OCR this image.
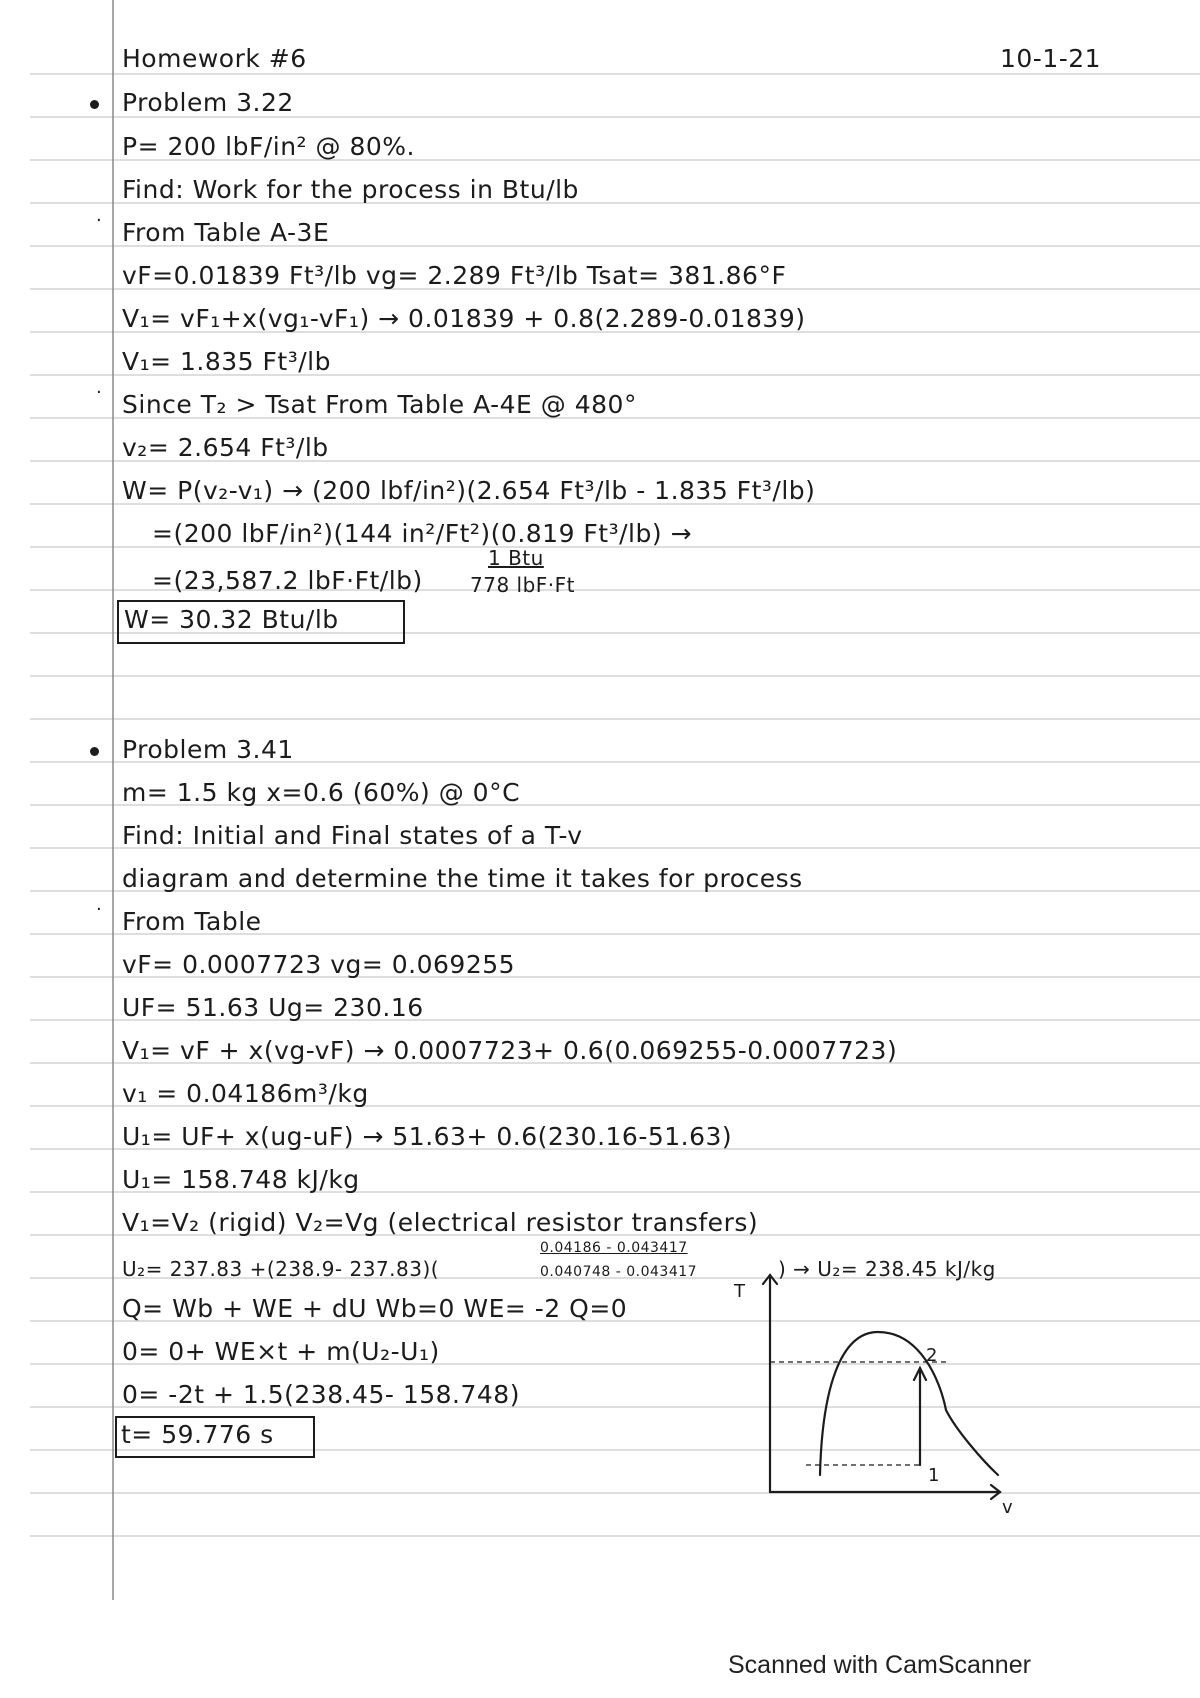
Homework #6	10-1-21
Problem 3.22
P= 200 lbF/in² @ 80%.
Find: Work for the process in Btu/lb
· From Table A-3E
vF=0.01839 Ft³/lb vg= 2.289 Ft³/lb Tsat= 381.86°F
V₁= vF₁+x(vg₁-vF₁) → 0.01839 + 0.8(2.289-0.01839)
V₁= 1.835 Ft³/lb
· Since T₂ > Tsat From Table A-4E @ 480°
v₂= 2.654 Ft³/lb
W= P(v₂-v₁) → (200 lbf/in²)(2.654 Ft³/lb - 1.835 Ft³/lb)
=(200 lbF/in²)(144 in²/Ft²)(0.819 Ft³/lb) →
=(23,587.2 lbF·Ft/lb)
1 Btu
778 lbF·Ft
W= 30.32 Btu/lb
Problem 3.41
m= 1.5 kg x=0.6 (60%) @ 0°C
Find: Initial and Final states of a T-v
diagram and determine the time it takes for process
· From Table
vF= 0.0007723 vg= 0.069255
UF= 51.63 Ug= 230.16
V₁= vF + x(vg-vF) → 0.0007723+ 0.6(0.069255-0.0007723)
v₁ = 0.04186m³/kg
U₁= UF+ x(ug-uF) → 51.63+ 0.6(230.16-51.63)
U₁= 158.748 kJ/kg
V₁=V₂ (rigid) V₂=Vg (electrical resistor transfers)
0.04186 - 0.043417
U₂= 237.83 +(238.9- 237.83)(	0.040748 - 0.043417	) → U₂= 238.45 kJ/kg
Q= Wb + WE + dU Wb=0 WE= -2 Q=0
0= 0+ WE×t + m(U₂-U₁)
0= -2t + 1.5(238.45- 158.748)
t= 59.776 s
T
v
2
1
Scanned with CamScanner
